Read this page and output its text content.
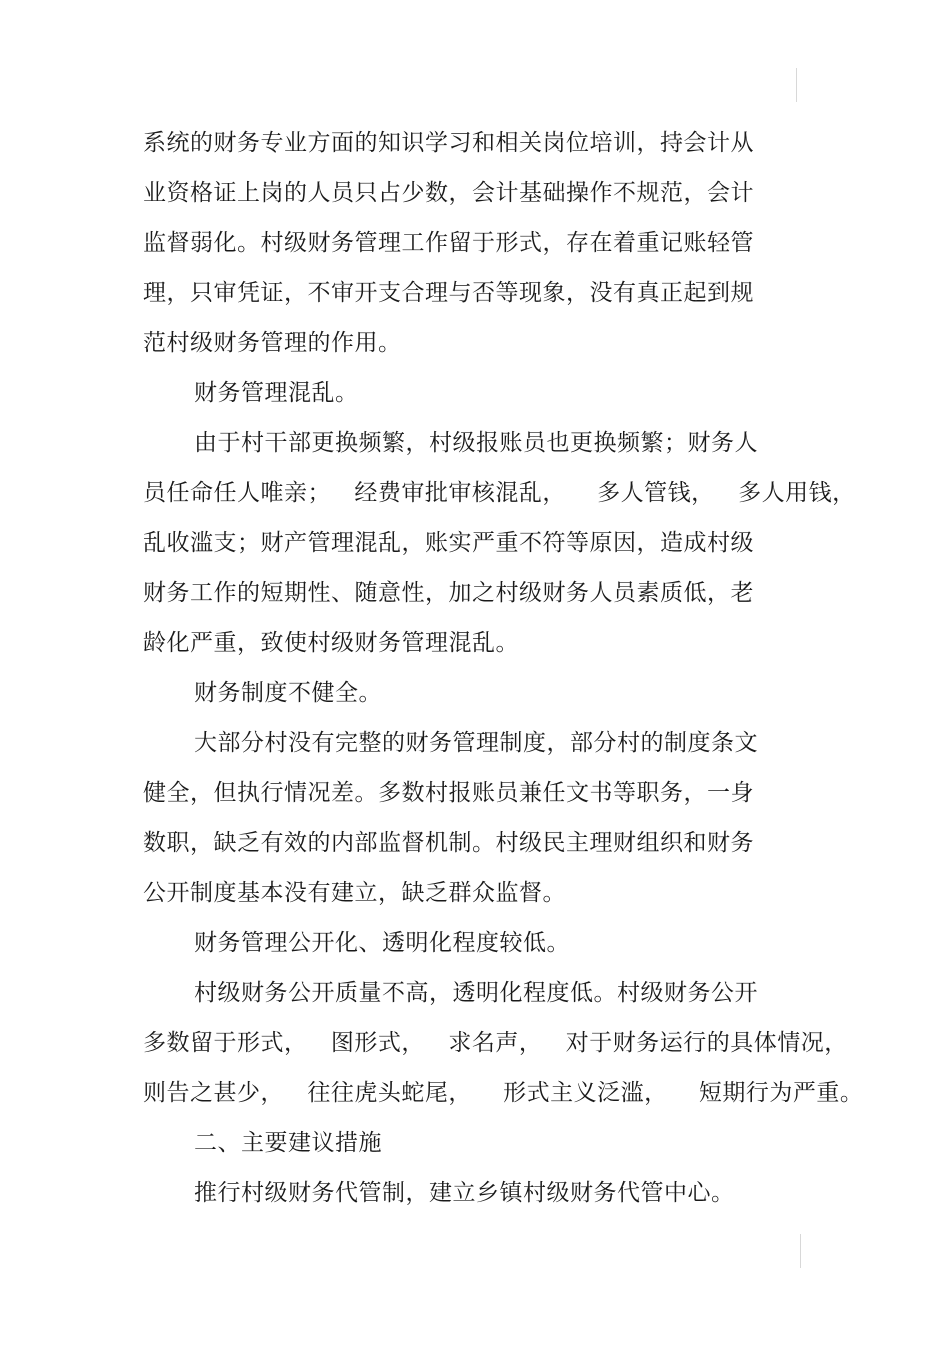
系统的财务专业方面的知识学习和相关岗位培训，持会计从
业资格证上岗的人员只占少数，会计基础操作不规范，会计
监督弱化。村级财务管理工作留于形式，存在着重记账轻管
理，只审凭证，不审开支合理与否等现象，没有真正起到规
范村级财务管理的作用。
财务管理混乱。
由于村干部更换频繁，村级报账员也更换频繁；财务人
员任命任人唯亲；   经费审批审核混乱，    多人管钱，   多人用钱，
乱收滥支；财产管理混乱，账实严重不符等原因，造成村级
财务工作的短期性、随意性，加之村级财务人员素质低，老
龄化严重，致使村级财务管理混乱。
财务制度不健全。
大部分村没有完整的财务管理制度，部分村的制度条文
健全，但执行情况差。多数村报账员兼任文书等职务，一身
数职，缺乏有效的内部监督机制。村级民主理财组织和财务
公开制度基本没有建立，缺乏群众监督。
财务管理公开化、透明化程度较低。
村级财务公开质量不高，透明化程度低。村级财务公开
多数留于形式，   图形式，   求名声，   对于财务运行的具体情况，
则告之甚少，   往往虎头蛇尾，    形式主义泛滥，    短期行为严重。
二、主要建议措施
推行村级财务代管制，建立乡镇村级财务代管中心。
